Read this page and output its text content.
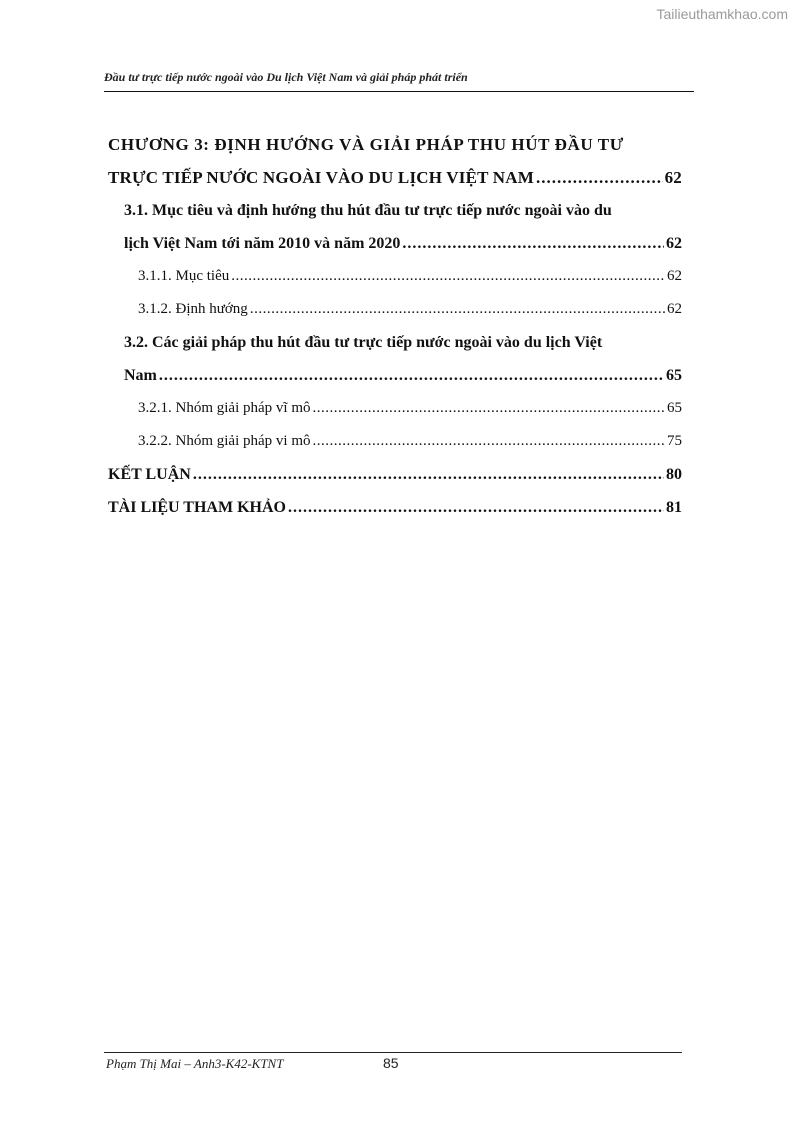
Tailieuthamkhao.com
Đầu tư trực tiếp nước ngoài vào Du lịch Việt Nam và giải pháp phát triển
CHƯƠNG 3: ĐỊNH HƯỚNG VÀ GIẢI PHÁP THU HÚT ĐẦU TƯ
TRỰC TIẾP NƯỚC NGOÀI VÀO DU LỊCH VIỆT NAM .....	62
3.1. Mục tiêu và định hướng thu hút đầu tư trực tiếp nước ngoài vào du
lịch Việt Nam tới năm 2010 và năm 2020 .....	62
3.1.1. Mục tiêu .....	62
3.1.2. Định hướng .....	62
3.2. Các giải pháp thu hút đầu tư trực tiếp nước ngoài vào du lịch Việt
Nam .....	65
3.2.1. Nhóm giải pháp vĩ mô .....	65
3.2.2. Nhóm giải pháp vi mô .....	75
KẾT LUẬN .....	80
TÀI LIỆU THAM KHẢO .....	81
Phạm Thị Mai – Anh3-K42-KTNT	85
